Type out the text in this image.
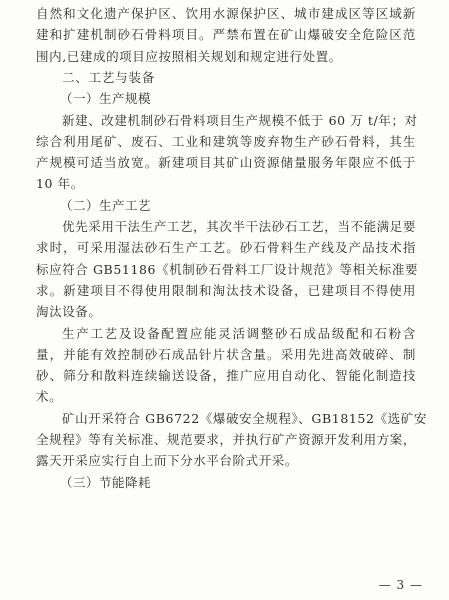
— 3 —
自然和文化遗产保护区、饮用水源保护区、城市建成区等区域新
建和扩建机制砂石骨料项目。严禁布置在矿山爆破安全危险区范
围内,已建成的项目应按照相关规划和规定进行处置。
二、工艺与装备
（一）生产规模
新建、改建机制砂石骨料项目生产规模不低于 60 万 t/年；对
综合利用尾矿、废石、工业和建筑等废弃物生产砂石骨料，其生
产规模可适当放宽。新建项目其矿山资源储量服务年限应不低于
10 年。
（二）生产工艺
优先采用干法生产工艺，其次半干法砂石工艺，当不能满足要
求时，可采用湿法砂石生产工艺。砂石骨料生产线及产品技术指
标应符合 GB51186《机制砂石骨料工厂设计规范》等相关标准要
求。新建项目不得使用限制和淘汰技术设备，已建项目不得使用
淘汰设备。
生产工艺及设备配置应能灵活调整砂石成品级配和石粉含
量，并能有效控制砂石成品针片状含量。采用先进高效破碎、制
砂、筛分和散料连续输送设备，推广应用自动化、智能化制造技
术。
矿山开采符合 GB6722《爆破安全规程》、GB18152《选矿安
全规程》等有关标准、规范要求，并执行矿产资源开发利用方案，
露天开采应实行自上而下分水平台阶式开采。
（三）节能降耗
